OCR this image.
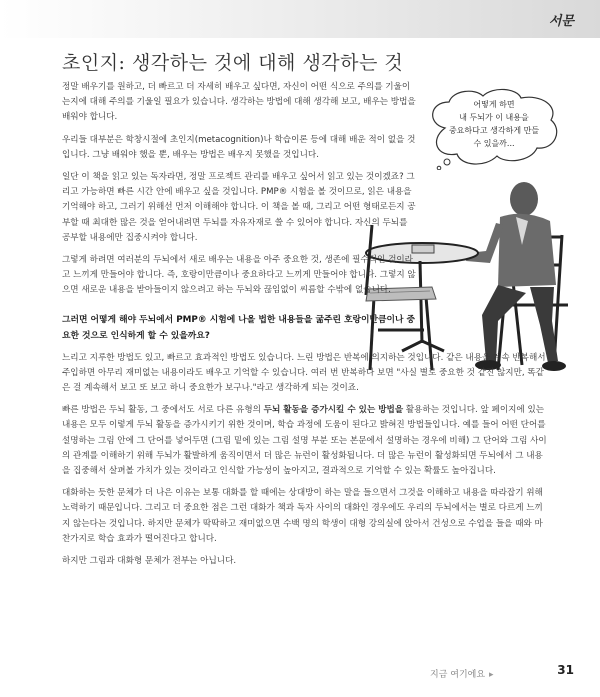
서문
초인지: 생각하는 것에 대해 생각하는 것
어떻게 하면
내 두뇌가 이 내용을
중요하다고 생각하게 만들
수 있을까...

정말 배우기를 원하고, 더 빠르고 더 자세히 배우고 싶다면, 자신이 어떤 식으로 주의를 기울이는지에 대해 주의를 기울일 필요가 있습니다. 생각하는 방법에 대해 생각해 보고, 배우는 방법을 배워야 합니다.

우리들 대부분은 학창시절에 초인지(metacognition)나 학습이론 등에 대해 배운 적이 없을 것입니다. 그냥 배워야 했을 뿐, 배우는 방법은 배우지 못했을 것입니다.

일단 이 책을 읽고 있는 독자라면, 정말 프로젝트 관리를 배우고 싶어서 읽고 있는 것이겠죠? 그리고 가능하면 빠른 시간 안에 배우고 싶을 것입니다. PMP® 시험을 볼 것이므로, 읽은 내용을 기억해야 하고, 그러기 위해선 먼저 이해해야 합니다. 이 책을 볼 때, 그리고 어떤 형태로든지 공부할 때 최대한 많은 것을 얻어내려면 두뇌를 자유자재로 쓸 수 있어야 합니다. 자신의 두뇌를 공부할 내용에만 집중시켜야 합니다.

그렇게 하려면 여러분의 두뇌에서 새로 배우는 내용을 아주 중요한 것, 생존에 필수적인 것이라고 느끼게 만들어야 합니다. 즉, 호랑이만큼이나 중요하다고 느끼게 만들어야 합니다. 그렇지 않으면 새로운 내용을 받아들이지 않으려고 하는 두뇌와 끊임없이 씨름할 수밖에 없습니다.

그러면 어떻게 해야 두뇌에서 PMP® 시험에 나올 법한 내용들을 굶주린 호랑이만큼이나 중요한 것으로 인식하게 할 수 있을까요?

느리고 지루한 방법도 있고, 빠르고 효과적인 방법도 있습니다. 느린 방법은 반복에 의지하는 것입니다. 같은 내용을 계속 반복해서 주입하면 아무리 재미없는 내용이라도 배우고 기억할 수 있습니다. 여러 번 반복하다 보면 "사실 별로 중요한 것 같진 않지만, 똑같은 걸 계속해서 보고 또 보고 하니 중요한가 보구나."라고 생각하게 되는 것이죠.

빠른 방법은 두뇌 활동, 그 중에서도 서로 다른 유형의 두뇌 활동을 증가시킬 수 있는 방법을 활용하는 것입니다. 앞 페이지에 있는 내용은 모두 이렇게 두뇌 활동을 증가시키기 위한 것이며, 학습 과정에 도움이 된다고 밝혀진 방법들입니다. 예를 들어 어떤 단어를 설명하는 그림 안에 그 단어를 넣어두면 (그림 밑에 있는 그림 설명 부분 또는 본문에서 설명하는 경우에 비해) 그 단어와 그림 사이의 관계를 이해하기 위해 두뇌가 활발하게 움직이면서 더 많은 뉴런이 활성화됩니다. 더 많은 뉴런이 활성화되면 두뇌에서 그 내용을 집중해서 살펴볼 가치가 있는 것이라고 인식할 가능성이 높아지고, 결과적으로 기억할 수 있는 확률도 높아집니다.

대화하는 듯한 문체가 더 나은 이유는 보통 대화를 할 때에는 상대방이 하는 말을 들으면서 그것을 이해하고 내용을 따라잡기 위해 노력하기 때문입니다. 그리고 더 중요한 점은 그런 대화가 책과 독자 사이의 대화인 경우에도 우리의 두뇌에서는 별로 다르게 느끼지 않는다는 것입니다. 하지만 문체가 딱딱하고 재미없으면 수백 명의 학생이 대형 강의실에 앉아서 건성으로 수업을 들을 때와 마찬가지로 학습 효과가 떨어진다고 합니다.

하지만 그림과 대화형 문체가 전부는 아닙니다.

지금 여기에요 ▸	31
